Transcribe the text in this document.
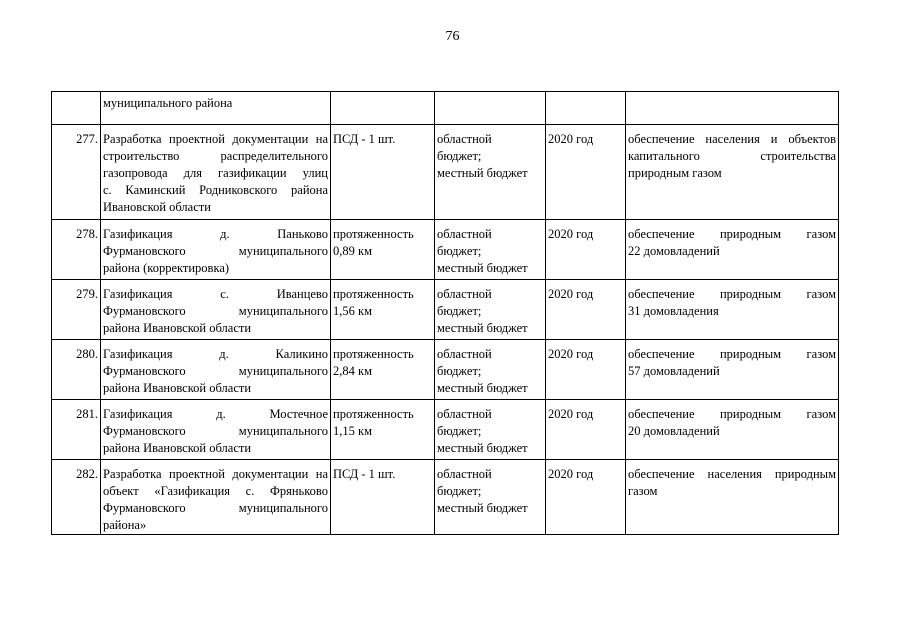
76

	муниципального района				

277.	Разработка проектной документации на
строительство распределительного
газопровода для газификации улиц
с. Каминский Родниковского района
Ивановской области	ПСД - 1 шт.	областной
бюджет;
местный бюджет	2020 год	обеспечение населения и объектов
капитального строительства
природным газом

278.	Газификация д. Паньково
Фурмановского муниципального
района (корректировка)	протяженность
0,89 км	областной
бюджет;
местный бюджет	2020 год	обеспечение природным газом
22 домовладений

279.	Газификация с. Иванцево
Фурмановского муниципального
района Ивановской области	протяженность
1,56 км	областной
бюджет;
местный бюджет	2020 год	обеспечение природным газом
31 домовладения

280.	Газификация д. Каликино
Фурмановского муниципального
района Ивановской области	протяженность
2,84 км	областной
бюджет;
местный бюджет	2020 год	обеспечение природным газом
57 домовладений

281.	Газификация д. Мостечное
Фурмановского муниципального
района Ивановской области	протяженность
1,15 км	областной
бюджет;
местный бюджет	2020 год	обеспечение природным газом
20 домовладений

282.	Разработка проектной документации на
объект «Газификация с. Фряньково
Фурмановского муниципального
района»	ПСД - 1 шт.	областной
бюджет;
местный бюджет	2020 год	обеспечение населения природным
газом
